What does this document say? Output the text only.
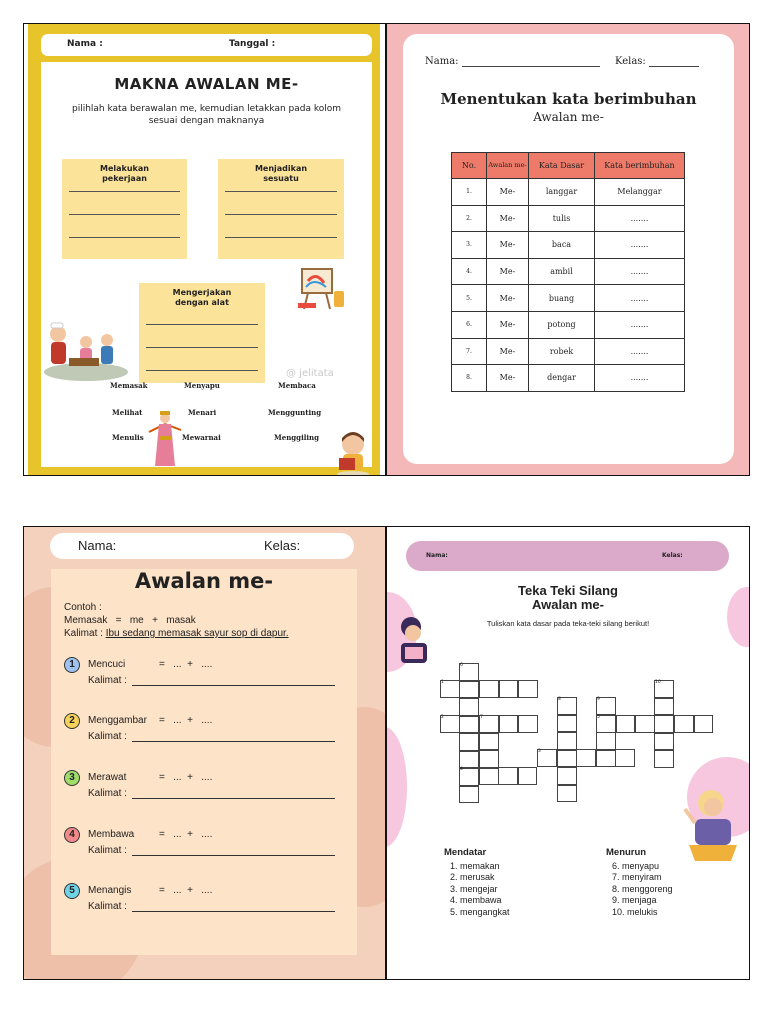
Nama :	Tanggal :
MAKNA AWALAN ME-
pilihlah kata berawalan me, kemudian letakkan pada kolom sesuai dengan maknanya
Melakukan pekerjaan
Menjadikan sesuatu
Mengerjakan dengan alat
@ jelitata
Memasak	Menyapu	Membaca
Melihat	Menari	Menggunting
Menulis	Mewarnai	Menggiling
Nama:	Kelas:
Menentukan kata berimbuhan
Awalan me-
No.	Awalan me-	Kata Dasar	Kata berimbuhan
1.	Me-	langgar	Melanggar
2.	Me-	tulis	.......
3.	Me-	baca	.......
4.	Me-	ambil	.......
5.	Me-	buang	.......
6.	Me-	potong	.......
7.	Me-	robek	.......
8.	Me-	dengar	.......
Nama:	Kelas:
Awalan me-
Contoh :
Memasak   =   me   +   masak
Kalimat : Ibu sedang memasak sayur sop di dapur.
1	Mencuci	=   ...  +   ....
Kalimat :
2	Menggambar =   ...  +   ....
Kalimat :
3	Merawat	=   ...  +   ....
Kalimat :
4	Membawa =   ...  +   ....
Kalimat :
5	Menangis	=   ...  +   ....
Kalimat :
Nama:	Kelas:
Teka Teki Silang
Awalan me-
Tuliskan kata dasar pada teka-teki silang berikut!
1
2
3
4
5
6
7
8	9
10
Mendatar
1. memakan
2. merusak
3. mengejar
4. membawa
5. mengangkat
Menurun
6. menyapu
7. menyiram
8. menggoreng
9. menjaga
10. melukis
